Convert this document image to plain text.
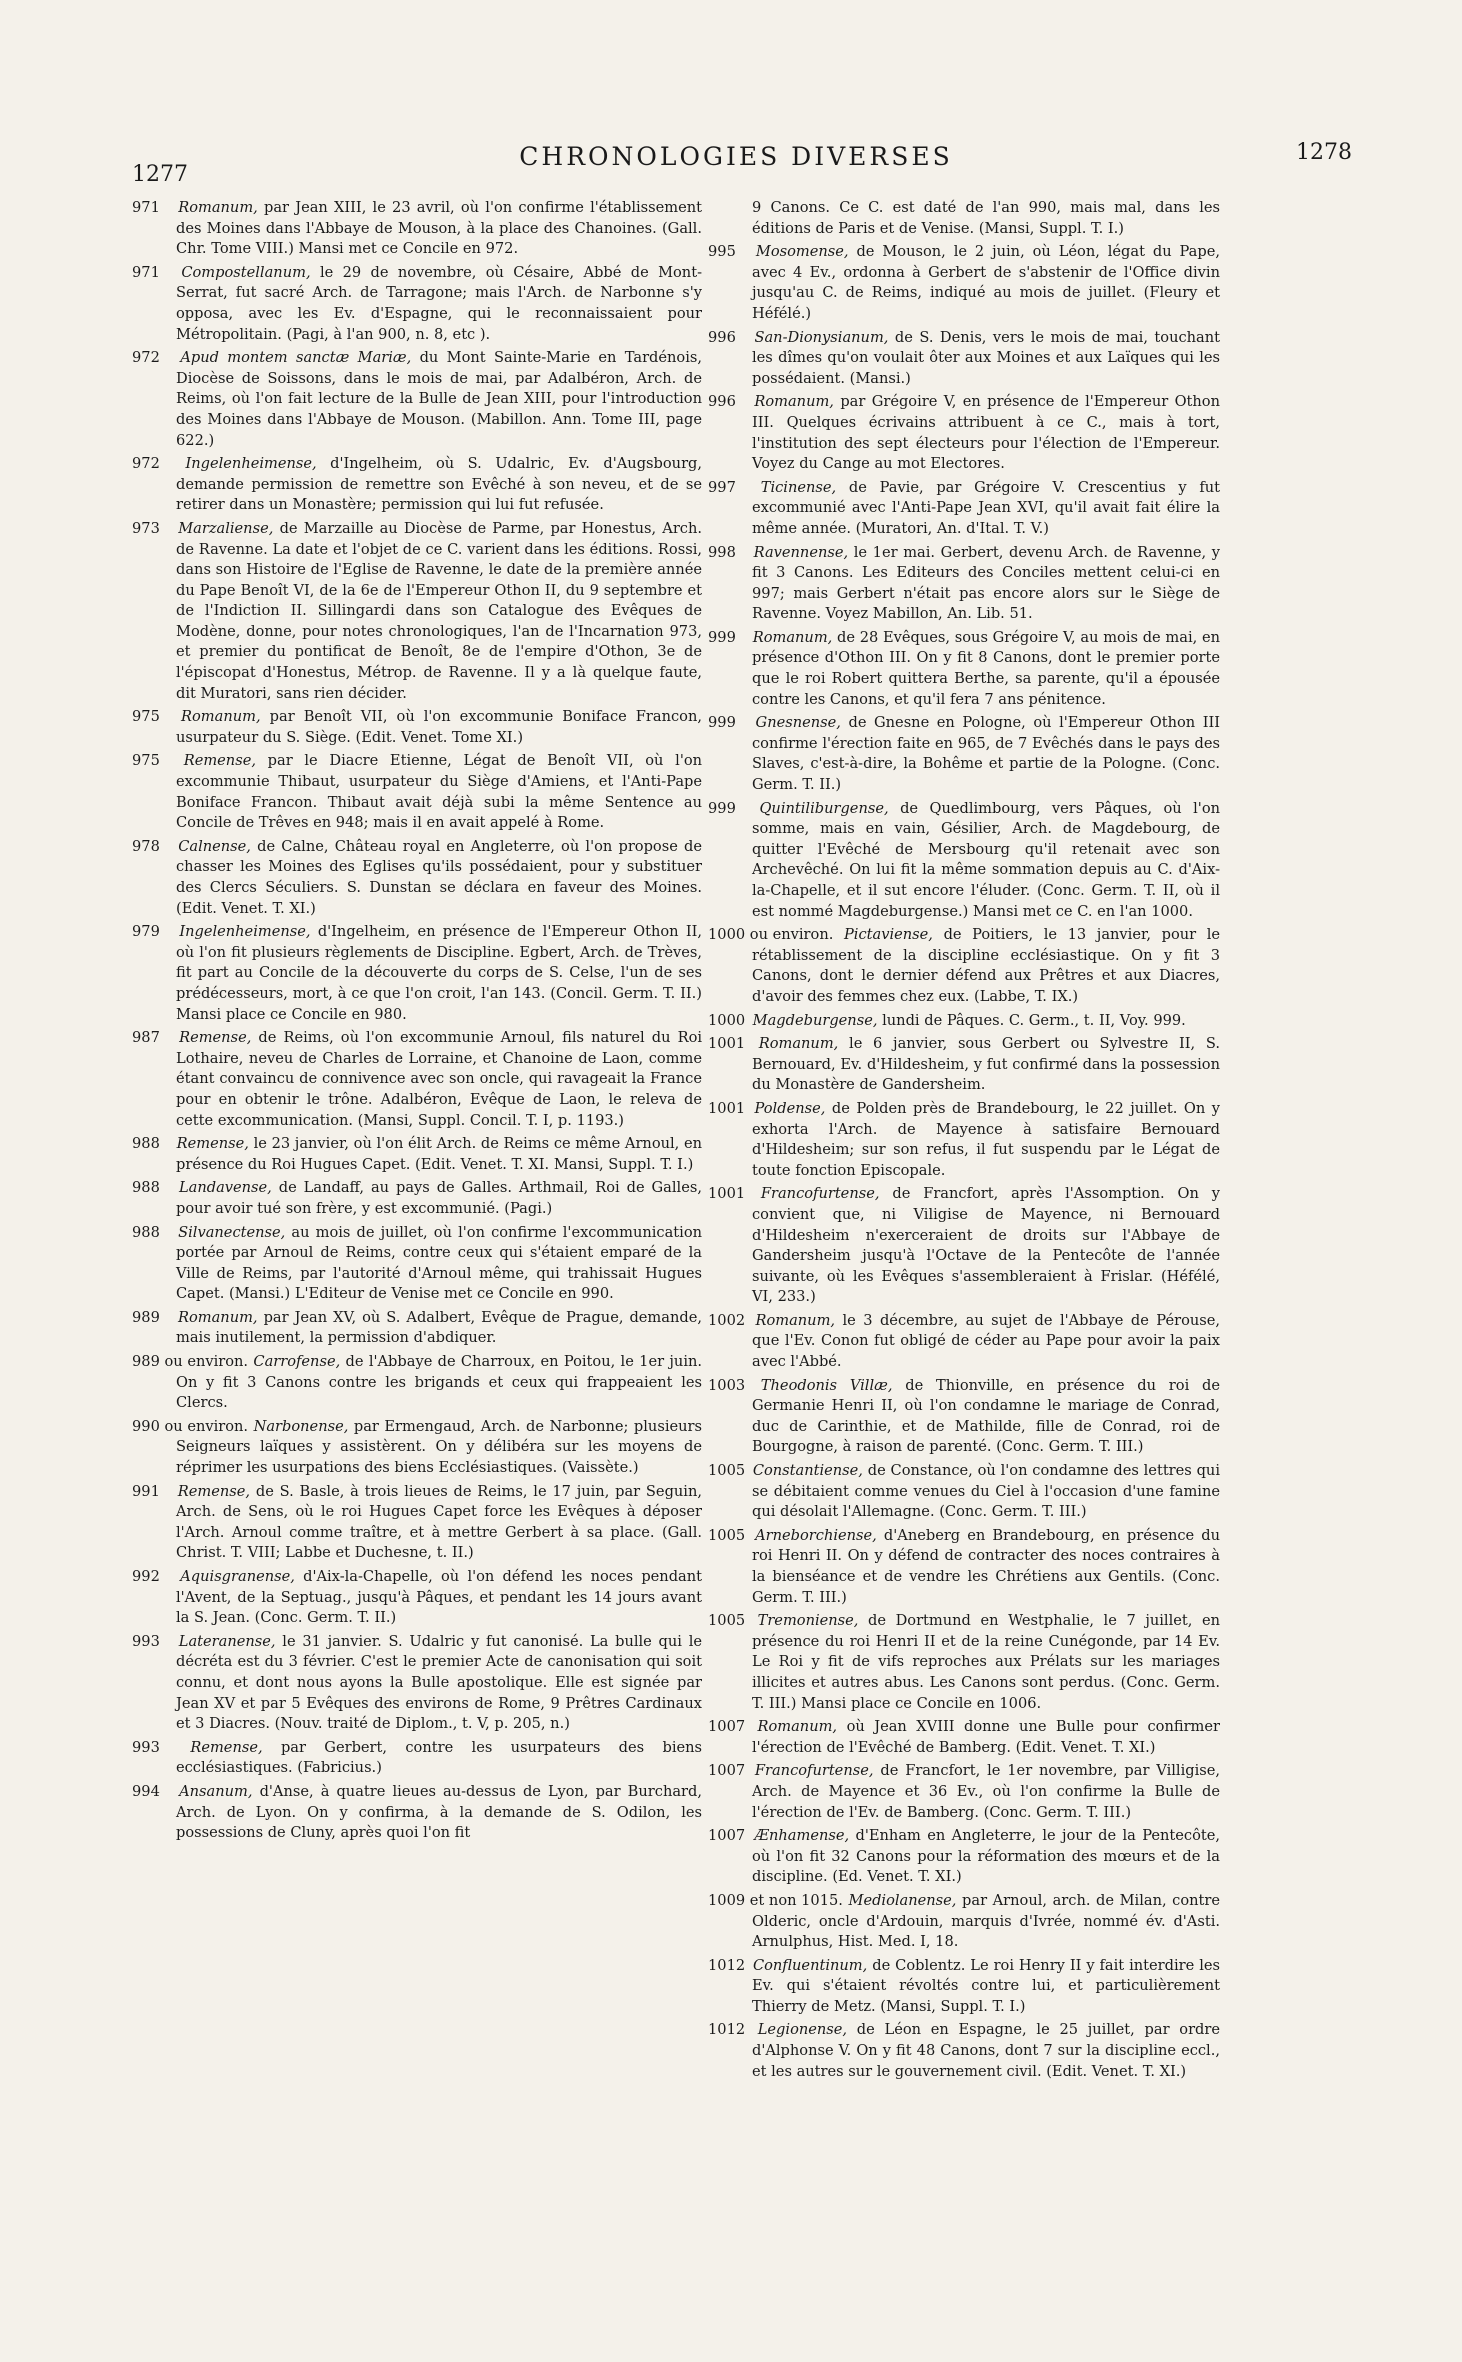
1277
CHRONOLOGIES DIVERSES	1278

971 Romanum, par Jean XIII, le 23 avril, où l'on confirme l'établissement des Moines dans l'Abbaye de Mouson, à la place des Chanoines. (Gall. Chr. Tome VIII.) Mansi met ce Concile en 972.

971 Compostellanum, le 29 de novembre, où Césaire, Abbé de Mont-Serrat, fut sacré Arch. de Tarragone; mais l'Arch. de Narbonne s'y opposa, avec les Ev. d'Espagne, qui le reconnaissaient pour Métropolitain. (Pagi, à l'an 900, n. 8, etc ).

972 Apud montem sanctæ Mariæ, du Mont Sainte-Marie en Tardénois, Diocèse de Soissons, dans le mois de mai, par Adalbéron, Arch. de Reims, où l'on fait lecture de la Bulle de Jean XIII, pour l'introduction des Moines dans l'Abbaye de Mouson. (Mabillon. Ann. Tome III, page 622.)

972 Ingelenheimense, d'Ingelheim, où S. Udalric, Ev. d'Augsbourg, demande permission de remettre son Evêché à son neveu, et de se retirer dans un Monastère; permission qui lui fut refusée.

973 Marzaliense, de Marzaille au Diocèse de Parme, par Honestus, Arch. de Ravenne. La date et l'objet de ce C. varient dans les éditions. Rossi, dans son Histoire de l'Eglise de Ravenne, le date de la première année du Pape Benoît VI, de la 6e de l'Empereur Othon II, du 9 septembre et de l'Indiction II. Sillingardi dans son Catalogue des Evêques de Modène, donne, pour notes chronologiques, l'an de l'Incarnation 973, et premier du pontificat de Benoît, 8e de l'empire d'Othon, 3e de l'épiscopat d'Honestus, Métrop. de Ravenne. Il y a là quelque faute, dit Muratori, sans rien décider.

975 Romanum, par Benoît VII, où l'on excommunie Boniface Francon, usurpateur du S. Siège. (Edit. Venet. Tome XI.)

975 Remense, par le Diacre Etienne, Légat de Benoît VII, où l'on excommunie Thibaut, usurpateur du Siège d'Amiens, et l'Anti-Pape Boniface Francon. Thibaut avait déjà subi la même Sentence au Concile de Trêves en 948; mais il en avait appelé à Rome.

978 Calnense, de Calne, Château royal en Angleterre, où l'on propose de chasser les Moines des Eglises qu'ils possédaient, pour y substituer des Clercs Séculiers. S. Dunstan se déclara en faveur des Moines. (Edit. Venet. T. XI.)

979 Ingelenheimense, d'Ingelheim, en présence de l'Empereur Othon II, où l'on fit plusieurs règlements de Discipline. Egbert, Arch. de Trèves, fit part au Concile de la découverte du corps de S. Celse, l'un de ses prédécesseurs, mort, à ce que l'on croit, l'an 143. (Concil. Germ. T. II.) Mansi place ce Concile en 980.

987 Remense, de Reims, où l'on excommunie Arnoul, fils naturel du Roi Lothaire, neveu de Charles de Lorraine, et Chanoine de Laon, comme étant convaincu de connivence avec son oncle, qui ravageait la France pour en obtenir le trône. Adalbéron, Evêque de Laon, le releva de cette excommunication. (Mansi, Suppl. Concil. T. I, p. 1193.)

988 Remense, le 23 janvier, où l'on élit Arch. de Reims ce même Arnoul, en présence du Roi Hugues Capet. (Edit. Venet. T. XI. Mansi, Suppl. T. I.)

988 Landavense, de Landaff, au pays de Galles. Arthmail, Roi de Galles, pour avoir tué son frère, y est excommunié. (Pagi.)

988 Silvanectense, au mois de juillet, où l'on confirme l'excommunication portée par Arnoul de Reims, contre ceux qui s'étaient emparé de la Ville de Reims, par l'autorité d'Arnoul même, qui trahissait Hugues Capet. (Mansi.) L'Editeur de Venise met ce Concile en 990.

989 Romanum, par Jean XV, où S. Adalbert, Evêque de Prague, demande, mais inutilement, la permission d'abdiquer.

989 ou environ. Carrofense, de l'Abbaye de Charroux, en Poitou, le 1er juin. On y fit 3 Canons contre les brigands et ceux qui frappeaient les Clercs.

990 ou environ. Narbonense, par Ermengaud, Arch. de Narbonne; plusieurs Seigneurs laïques y assistèrent. On y délibéra sur les moyens de réprimer les usurpations des biens Ecclésiastiques. (Vaissète.)

991 Remense, de S. Basle, à trois lieues de Reims, le 17 juin, par Seguin, Arch. de Sens, où le roi Hugues Capet force les Evêques à déposer l'Arch. Arnoul comme traître, et à mettre Gerbert à sa place. (Gall. Christ. T. VIII; Labbe et Duchesne, t. II.)

992 Aquisgranense, d'Aix-la-Chapelle, où l'on défend les noces pendant l'Avent, de la Septuag., jusqu'à Pâques, et pendant les 14 jours avant la S. Jean. (Conc. Germ. T. II.)

993 Lateranense, le 31 janvier. S. Udalric y fut canonisé. La bulle qui le décréta est du 3 février. C'est le premier Acte de canonisation qui soit connu, et dont nous ayons la Bulle apostolique. Elle est signée par Jean XV et par 5 Evêques des environs de Rome, 9 Prêtres Cardinaux et 3 Diacres. (Nouv. traité de Diplom., t. V, p. 205, n.)

993 Remense, par Gerbert, contre les usurpateurs des biens ecclésiastiques. (Fabricius.)

994 Ansanum, d'Anse, à quatre lieues au-dessus de Lyon, par Burchard, Arch. de Lyon. On y confirma, à la demande de S. Odilon, les possessions de Cluny, après quoi l'on fit

9 Canons. Ce C. est daté de l'an 990, mais mal, dans les éditions de Paris et de Venise. (Mansi, Suppl. T. I.)

995 Mosomense, de Mouson, le 2 juin, où Léon, légat du Pape, avec 4 Ev., ordonna à Gerbert de s'abstenir de l'Office divin jusqu'au C. de Reims, indiqué au mois de juillet. (Fleury et Héfélé.)

996 San-Dionysianum, de S. Denis, vers le mois de mai, touchant les dîmes qu'on voulait ôter aux Moines et aux Laïques qui les possédaient. (Mansi.)

996 Romanum, par Grégoire V, en présence de l'Empereur Othon III. Quelques écrivains attribuent à ce C., mais à tort, l'institution des sept électeurs pour l'élection de l'Empereur. Voyez du Cange au mot Electores.

997 Ticinense, de Pavie, par Grégoire V. Crescentius y fut excommunié avec l'Anti-Pape Jean XVI, qu'il avait fait élire la même année. (Muratori, An. d'Ital. T. V.)

998 Ravennense, le 1er mai. Gerbert, devenu Arch. de Ravenne, y fit 3 Canons. Les Editeurs des Conciles mettent celui-ci en 997; mais Gerbert n'était pas encore alors sur le Siège de Ravenne. Voyez Mabillon, An. Lib. 51.

999 Romanum, de 28 Evêques, sous Grégoire V, au mois de mai, en présence d'Othon III. On y fit 8 Canons, dont le premier porte que le roi Robert quittera Berthe, sa parente, qu'il a épousée contre les Canons, et qu'il fera 7 ans pénitence.

999 Gnesnense, de Gnesne en Pologne, où l'Empereur Othon III confirme l'érection faite en 965, de 7 Evêchés dans le pays des Slaves, c'est-à-dire, la Bohême et partie de la Pologne. (Conc. Germ. T. II.)

999 Quintiliburgense, de Quedlimbourg, vers Pâques, où l'on somme, mais en vain, Gésilier, Arch. de Magdebourg, de quitter l'Evêché de Mersbourg qu'il retenait avec son Archevêché. On lui fit la même sommation depuis au C. d'Aix-la-Chapelle, et il sut encore l'éluder. (Conc. Germ. T. II, où il est nommé Magdeburgense.) Mansi met ce C. en l'an 1000.

1000 ou environ. Pictaviense, de Poitiers, le 13 janvier, pour le rétablissement de la discipline ecclésiastique. On y fit 3 Canons, dont le dernier défend aux Prêtres et aux Diacres, d'avoir des femmes chez eux. (Labbe, T. IX.)

1000 Magdeburgense, lundi de Pâques. C. Germ., t. II, Voy. 999.

1001 Romanum, le 6 janvier, sous Gerbert ou Sylvestre II, S. Bernouard, Ev. d'Hildesheim, y fut confirmé dans la possession du Monastère de Gandersheim.

1001 Poldense, de Polden près de Brandebourg, le 22 juillet. On y exhorta l'Arch. de Mayence à satisfaire Bernouard d'Hildesheim; sur son refus, il fut suspendu par le Légat de toute fonction Episcopale.

1001 Francofurtense, de Francfort, après l'Assomption. On y convient que, ni Viligise de Mayence, ni Bernouard d'Hildesheim n'exerceraient de droits sur l'Abbaye de Gandersheim jusqu'à l'Octave de la Pentecôte de l'année suivante, où les Evêques s'assembleraient à Frislar. (Héfélé, VI, 233.)

1002 Romanum, le 3 décembre, au sujet de l'Abbaye de Pérouse, que l'Ev. Conon fut obligé de céder au Pape pour avoir la paix avec l'Abbé.

1003 Theodonis Villæ, de Thionville, en présence du roi de Germanie Henri II, où l'on condamne le mariage de Conrad, duc de Carinthie, et de Mathilde, fille de Conrad, roi de Bourgogne, à raison de parenté. (Conc. Germ. T. III.)

1005 Constantiense, de Constance, où l'on condamne des lettres qui se débitaient comme venues du Ciel à l'occasion d'une famine qui désolait l'Allemagne. (Conc. Germ. T. III.)

1005 Arneborchiense, d'Aneberg en Brandebourg, en présence du roi Henri II. On y défend de contracter des noces contraires à la bienséance et de vendre les Chrétiens aux Gentils. (Conc. Germ. T. III.)

1005 Tremoniense, de Dortmund en Westphalie, le 7 juillet, en présence du roi Henri II et de la reine Cunégonde, par 14 Ev. Le Roi y fit de vifs reproches aux Prélats sur les mariages illicites et autres abus. Les Canons sont perdus. (Conc. Germ. T. III.) Mansi place ce Concile en 1006.

1007 Romanum, où Jean XVIII donne une Bulle pour confirmer l'érection de l'Evêché de Bamberg. (Edit. Venet. T. XI.)

1007 Francofurtense, de Francfort, le 1er novembre, par Villigise, Arch. de Mayence et 36 Ev., où l'on confirme la Bulle de l'érection de l'Ev. de Bamberg. (Conc. Germ. T. III.)

1007 Ænhamense, d'Enham en Angleterre, le jour de la Pentecôte, où l'on fit 32 Canons pour la réformation des mœurs et de la discipline. (Ed. Venet. T. XI.)

1009 et non 1015. Mediolanense, par Arnoul, arch. de Milan, contre Olderic, oncle d'Ardouin, marquis d'Ivrée, nommé év. d'Asti. Arnulphus, Hist. Med. I, 18.

1012 Confluentinum, de Coblentz. Le roi Henry II y fait interdire les Ev. qui s'étaient révoltés contre lui, et particulièrement Thierry de Metz. (Mansi, Suppl. T. I.)

1012 Legionense, de Léon en Espagne, le 25 juillet, par ordre d'Alphonse V. On y fit 48 Canons, dont 7 sur la discipline eccl., et les autres sur le gouvernement civil. (Edit. Venet. T. XI.)
